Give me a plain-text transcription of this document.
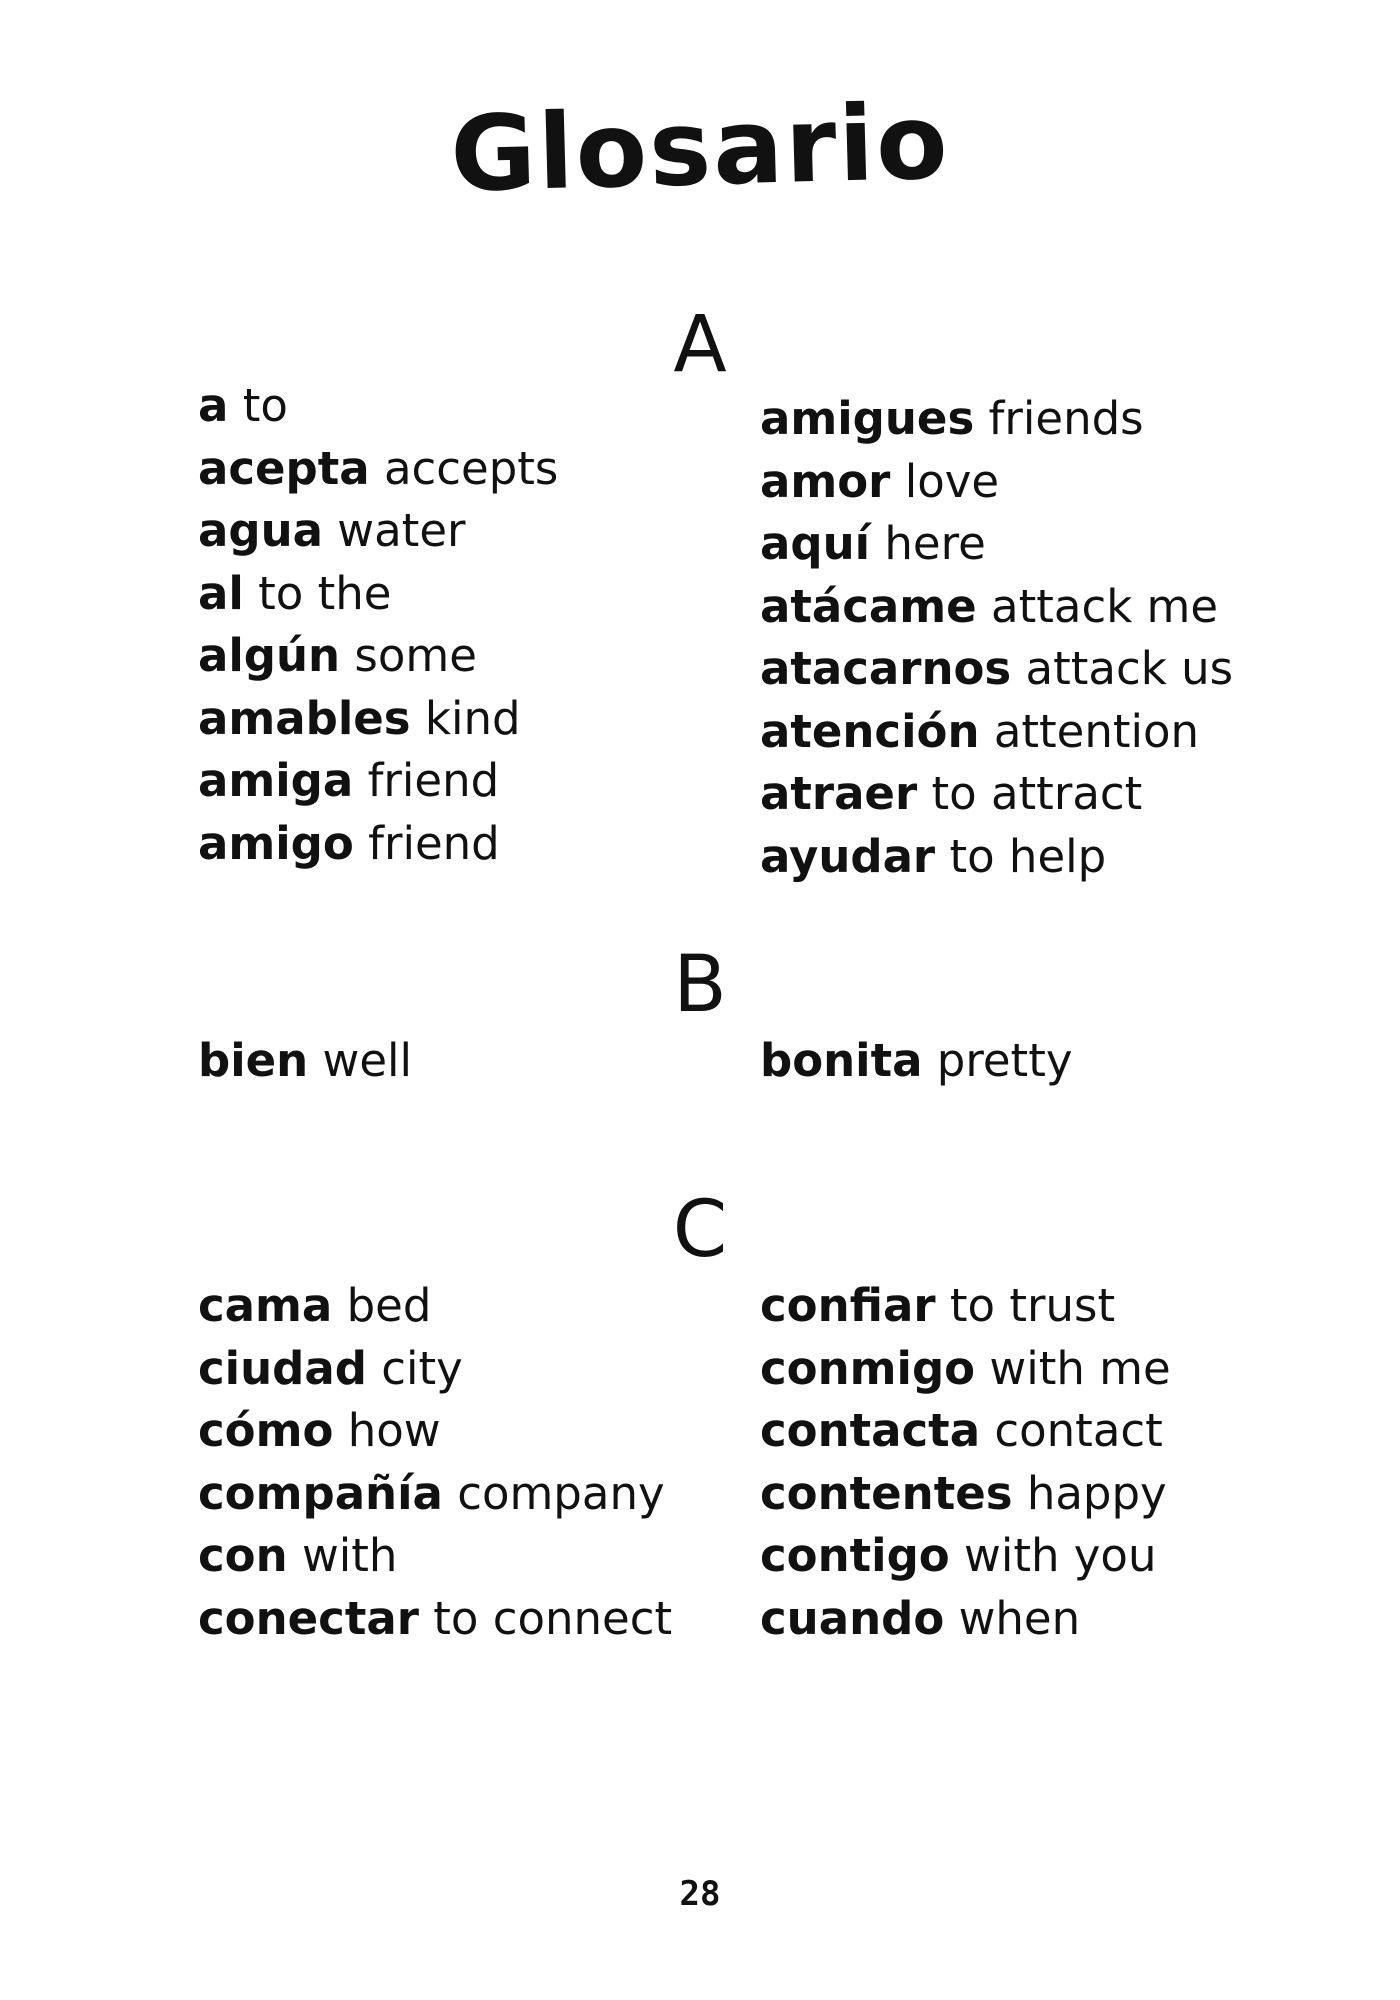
Glosario
A
a to
acepta accepts
agua water
al to the
algún some
amables kind
amiga friend
amigo friend
amigues friends
amor love
aquí here
atácame attack me
atacarnos attack us
atención attention
atraer to attract
ayudar to help
B
bien well	bonita pretty
C
cama bed
ciudad city
cómo how
compañía company
con with
conectar to connect
confiar to trust
conmigo with me
contacta contact
contentes happy
contigo with you
cuando when
28
